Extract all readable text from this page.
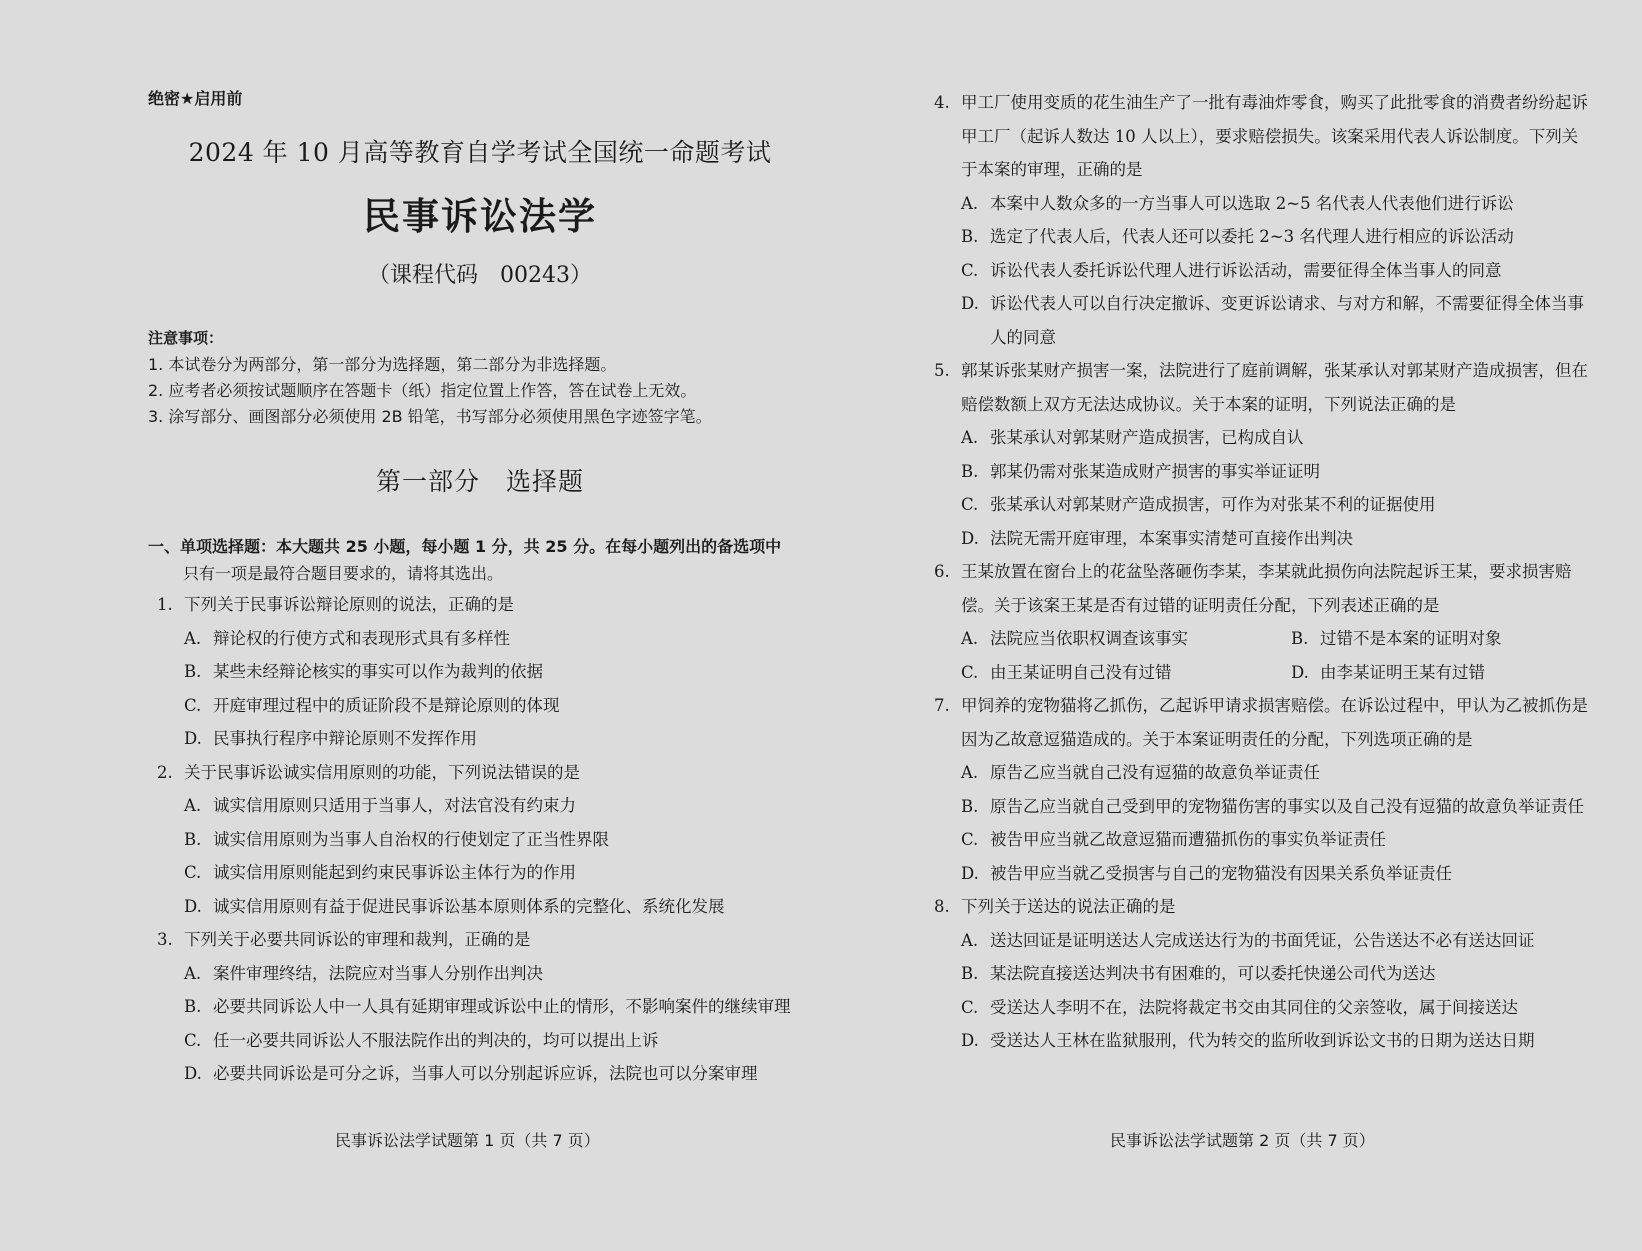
绝密★启用前
2024 年 10 月高等教育自学考试全国统一命题考试
民事诉讼法学
（课程代码　00243）
注意事项：
1. 本试卷分为两部分，第一部分为选择题，第二部分为非选择题。
2. 应考者必须按试题顺序在答题卡（纸）指定位置上作答，答在试卷上无效。
3. 涂写部分、画图部分必须使用 2B 铅笔，书写部分必须使用黑色字迹签字笔。
第一部分　选择题
一、单项选择题：本大题共 25 小题，每小题 1 分，共 25 分。在每小题列出的备选项中
只有一项是最符合题目要求的，请将其选出。
1. 下列关于民事诉讼辩论原则的说法，正确的是
A. 辩论权的行使方式和表现形式具有多样性
B. 某些未经辩论核实的事实可以作为裁判的依据
C. 开庭审理过程中的质证阶段不是辩论原则的体现
D. 民事执行程序中辩论原则不发挥作用
2. 关于民事诉讼诚实信用原则的功能，下列说法错误的是
A. 诚实信用原则只适用于当事人，对法官没有约束力
B. 诚实信用原则为当事人自治权的行使划定了正当性界限
C. 诚实信用原则能起到约束民事诉讼主体行为的作用
D. 诚实信用原则有益于促进民事诉讼基本原则体系的完整化、系统化发展
3. 下列关于必要共同诉讼的审理和裁判，正确的是
A. 案件审理终结，法院应对当事人分别作出判决
B. 必要共同诉讼人中一人具有延期审理或诉讼中止的情形，不影响案件的继续审理
C. 任一必要共同诉讼人不服法院作出的判决的，均可以提出上诉
D. 必要共同诉讼是可分之诉，当事人可以分别起诉应诉，法院也可以分案审理
民事诉讼法学试题第 1 页（共 7 页）
4. 甲工厂使用变质的花生油生产了一批有毒油炸零食，购买了此批零食的消费者纷纷起诉甲工厂（起诉人数达 10 人以上），要求赔偿损失。该案采用代表人诉讼制度。下列关于本案的审理，正确的是
A. 本案中人数众多的一方当事人可以选取 2~5 名代表人代表他们进行诉讼
B. 选定了代表人后，代表人还可以委托 2~3 名代理人进行相应的诉讼活动
C. 诉讼代表人委托诉讼代理人进行诉讼活动，需要征得全体当事人的同意
D. 诉讼代表人可以自行决定撤诉、变更诉讼请求、与对方和解，不需要征得全体当事人的同意
5. 郭某诉张某财产损害一案，法院进行了庭前调解，张某承认对郭某财产造成损害，但在赔偿数额上双方无法达成协议。关于本案的证明，下列说法正确的是
A. 张某承认对郭某财产造成损害，已构成自认
B. 郭某仍需对张某造成财产损害的事实举证证明
C. 张某承认对郭某财产造成损害，可作为对张某不利的证据使用
D. 法院无需开庭审理，本案事实清楚可直接作出判决
6. 王某放置在窗台上的花盆坠落砸伤李某，李某就此损伤向法院起诉王某，要求损害赔偿。关于该案王某是否有过错的证明责任分配，下列表述正确的是
A. 法院应当依职权调查该事实	B. 过错不是本案的证明对象
C. 由王某证明自己没有过错	D. 由李某证明王某有过错
7. 甲饲养的宠物猫将乙抓伤，乙起诉甲请求损害赔偿。在诉讼过程中，甲认为乙被抓伤是因为乙故意逗猫造成的。关于本案证明责任的分配，下列选项正确的是
A. 原告乙应当就自己没有逗猫的故意负举证责任
B. 原告乙应当就自己受到甲的宠物猫伤害的事实以及自己没有逗猫的故意负举证责任
C. 被告甲应当就乙故意逗猫而遭猫抓伤的事实负举证责任
D. 被告甲应当就乙受损害与自己的宠物猫没有因果关系负举证责任
8. 下列关于送达的说法正确的是
A. 送达回证是证明送达人完成送达行为的书面凭证，公告送达不必有送达回证
B. 某法院直接送达判决书有困难的，可以委托快递公司代为送达
C. 受送达人李明不在，法院将裁定书交由其同住的父亲签收，属于间接送达
D. 受送达人王林在监狱服刑，代为转交的监所收到诉讼文书的日期为送达日期
民事诉讼法学试题第 2 页（共 7 页）
